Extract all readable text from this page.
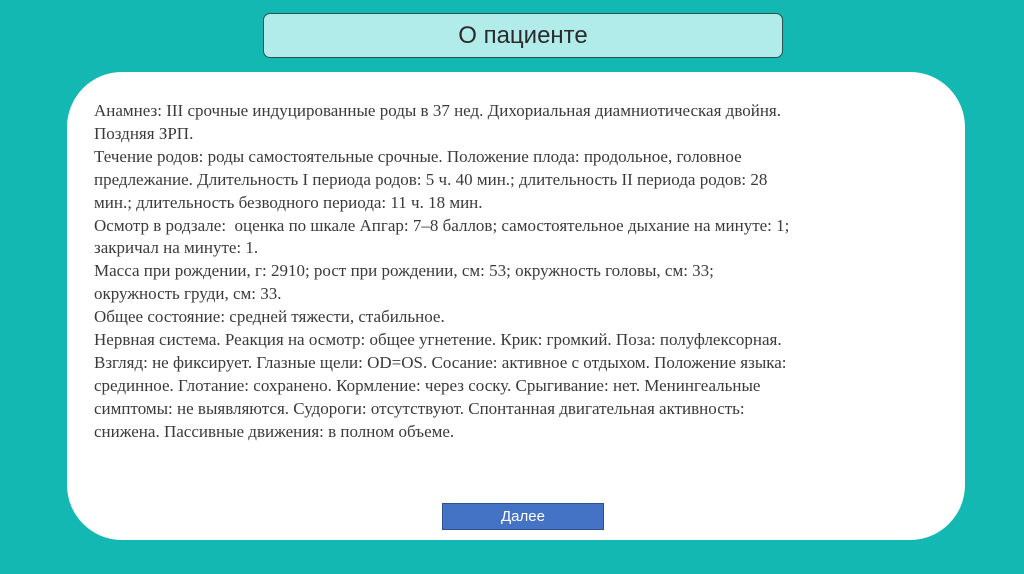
О пациенте
Анамнез: III срочные индуцированные роды в 37 нед. Дихориальная диамниотическая двойня.
Поздняя ЗРП.
Течение родов: роды самостоятельные срочные. Положение плода: продольное, головное
предлежание. Длительность I периода родов: 5 ч. 40 мин.; длительность II периода родов: 28
мин.; длительность безводного периода: 11 ч. 18 мин.
Осмотр в родзале:  оценка по шкале Апгар: 7–8 баллов; самостоятельное дыхание на минуте: 1;
закричал на минуте: 1.
Масса при рождении, г: 2910; рост при рождении, см: 53; окружность головы, см: 33;
окружность груди, см: 33.
Общее состояние: средней тяжести, стабильное.
Нервная система. Реакция на осмотр: общее угнетение. Крик: громкий. Поза: полуфлексорная.
Взгляд: не фиксирует. Глазные щели: OD=OS. Сосание: активное с отдыхом. Положение языка:
срединное. Глотание: сохранено. Кормление: через соску. Срыгивание: нет. Менингеальные
симптомы: не выявляются. Судороги: отсутствуют. Спонтанная двигательная активность:
снижена. Пассивные движения: в полном объеме.
Далее
